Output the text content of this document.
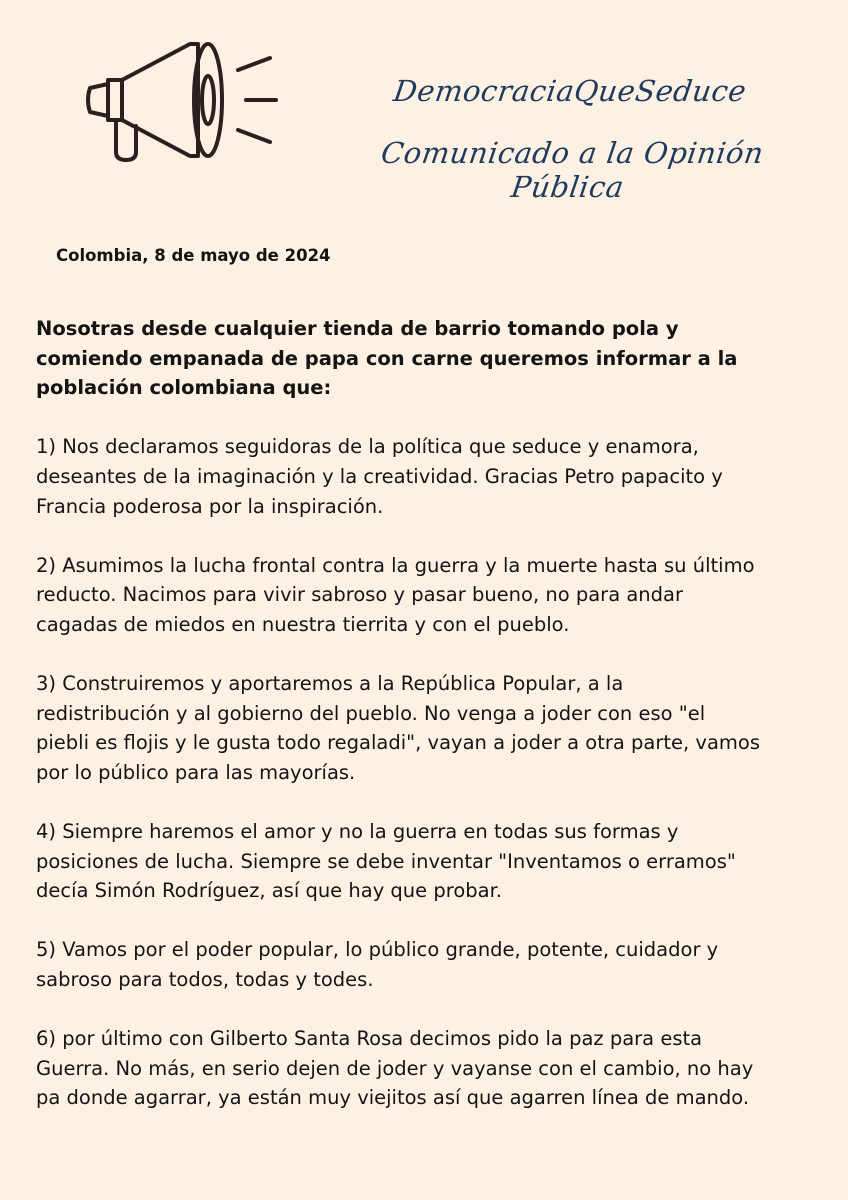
DemocraciaQueSeduce
Comunicado a la Opinión Pública
Colombia, 8 de mayo de 2024
Nosotras desde cualquier tienda de barrio tomando pola y
comiendo empanada de papa con carne queremos informar a la
población colombiana que:
1) Nos declaramos seguidoras de la política que seduce y enamora,
deseantes de la imaginación y la creatividad. Gracias Petro papacito y
Francia poderosa por la inspiración.
2) Asumimos la lucha frontal contra la guerra y la muerte hasta su último
reducto. Nacimos para vivir sabroso y pasar bueno, no para andar
cagadas de miedos en nuestra tierrita y con el pueblo.
3) Construiremos y aportaremos a la República Popular, a la
redistribución y al gobierno del pueblo. No venga a joder con eso "el
piebli es flojis y le gusta todo regaladi", vayan a joder a otra parte, vamos
por lo público para las mayorías.
4) Siempre haremos el amor y no la guerra en todas sus formas y
posiciones de lucha. Siempre se debe inventar "Inventamos o erramos"
decía Simón Rodríguez, así que hay que probar.
5) Vamos por el poder popular, lo público grande, potente, cuidador y
sabroso para todos, todas y todes.
6) por último con Gilberto Santa Rosa decimos pido la paz para esta
Guerra. No más, en serio dejen de joder y vayanse con el cambio, no hay
pa donde agarrar, ya están muy viejitos así que agarren línea de mando.
